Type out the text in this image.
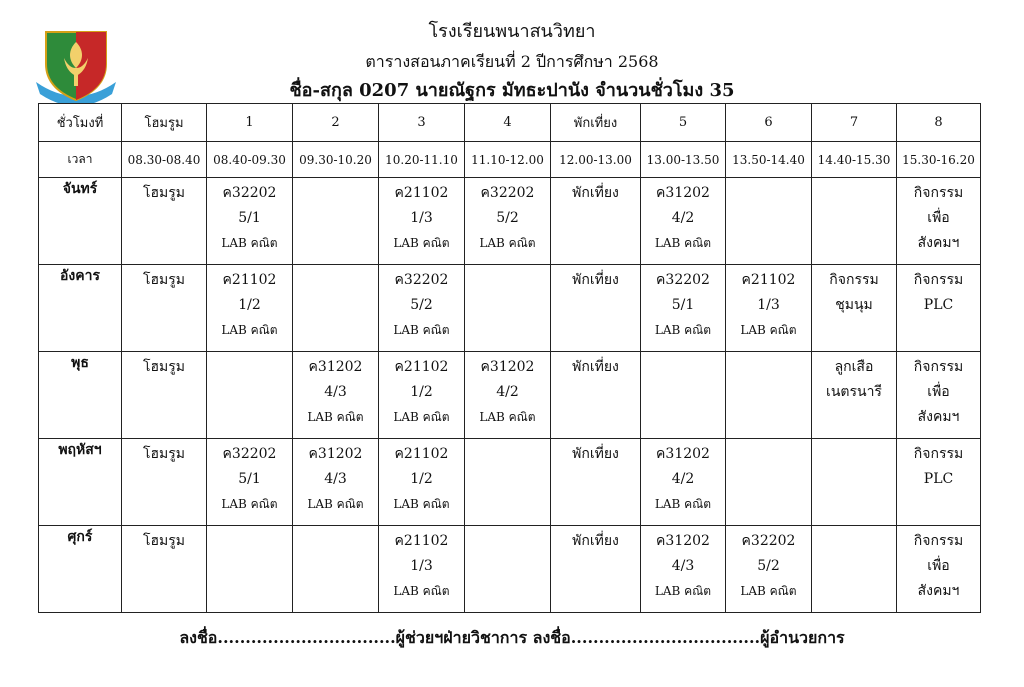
โรงเรียนพนาสนวิทยา
ตารางสอนภาคเรียนที่ 2 ปีการศึกษา 2568
ชื่อ-สกุล 0207 นายณัฐกร มัทธะปานัง จำนวนชั่วโมง 35
ชั่วโมงที่	โฮมรูม	1	2	3	4	พักเที่ยง	5	6	7	8
เวลา	08.30-08.40	08.40-09.30	09.30-10.20	10.20-11.10	11.10-12.00	12.00-13.00	13.00-13.50	13.50-14.40	14.40-15.30	15.30-16.20
จันทร์	โฮมรูม	ค32202
5/1
LAB คณิต		ค21102
1/3
LAB คณิต	ค32202
5/2
LAB คณิต	พักเที่ยง	ค31202
4/2
LAB คณิต			กิจกรรม
เพื่อ
สังคมฯ

อังคาร	โฮมรูม	ค21102
1/2
LAB คณิต		ค32202
5/2
LAB คณิต		พักเที่ยง	ค32202
5/1
LAB คณิต	ค21102
1/3
LAB คณิต	กิจกรรม
ชุมนุม	กิจกรรม
PLC

พุธ	โฮมรูม		ค31202
4/3
LAB คณิต	ค21102
1/2
LAB คณิต	ค31202
4/2
LAB คณิต	พักเที่ยง			ลูกเสือ
เนตรนารี	กิจกรรม
เพื่อ
สังคมฯ

พฤหัสฯ	โฮมรูม	ค32202
5/1
LAB คณิต	ค31202
4/3
LAB คณิต	ค21102
1/2
LAB คณิต		พักเที่ยง	ค31202
4/2
LAB คณิต			กิจกรรม
PLC

ศุกร์	โฮมรูม			ค21102
1/3
LAB คณิต		พักเที่ยง	ค31202
4/3
LAB คณิต	ค32202
5/2
LAB คณิต		กิจกรรม
เพื่อ
สังคมฯ
ลงชื่อ................................ผู้ช่วยฯฝ่ายวิชาการ ลงชื่อ..................................ผู้อำนวยการ
